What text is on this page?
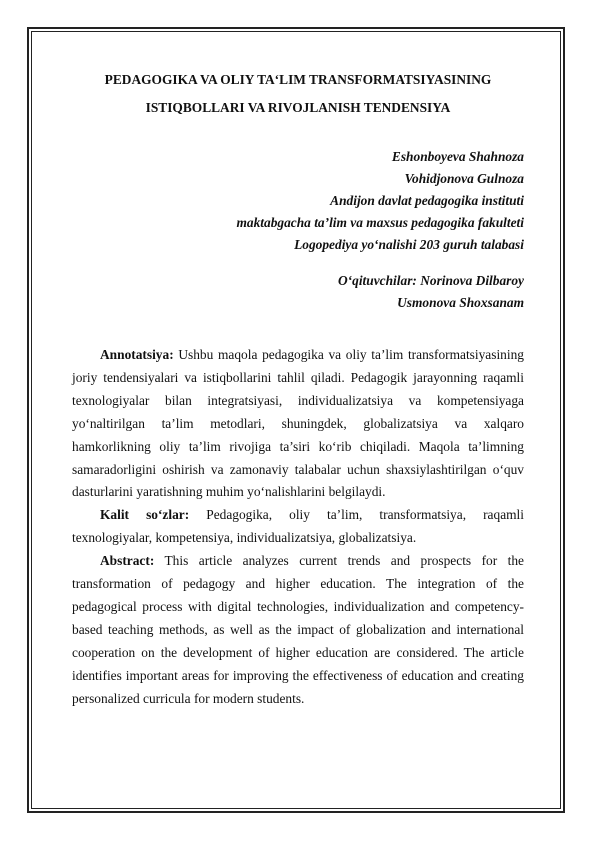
PEDAGOGIKA VA OLIY TA‘LIM TRANSFORMATSIYASINING
ISTIQBOLLARI VA RIVOJLANISH TENDENSIYA
Eshonboyeva Shahnoza
Vohidjonova Gulnoza
Andijon davlat pedagogika instituti
maktabgacha ta’lim va maxsus pedagogika fakulteti
Logopediya yo‘nalishi 203 guruh talabasi
O‘qituvchilar: Norinova Dilbaroy
Usmonova Shoxsanam

Annotatsiya: Ushbu maqola pedagogika va oliy ta’lim transformatsiyasining joriy tendensiyalari va istiqbollarini tahlil qiladi. Pedagogik jarayonning raqamli texnologiyalar bilan integratsiyasi, individualizatsiya va kompetensiyaga yo‘naltirilgan ta’lim metodlari, shuningdek, globalizatsiya va xalqaro hamkorlikning oliy ta’lim rivojiga ta’siri ko‘rib chiqiladi. Maqola ta’limning samaradorligini oshirish va zamonaviy talabalar uchun shaxsiylashtirilgan o‘quv dasturlarini yaratishning muhim yo‘nalishlarini belgilaydi.

Kalit so‘zlar: Pedagogika, oliy ta’lim, transformatsiya, raqamli texnologiyalar, kompetensiya, individualizatsiya, globalizatsiya.

Abstract: This article analyzes current trends and prospects for the transformation of pedagogy and higher education. The integration of the pedagogical process with digital technologies, individualization and competency-based teaching methods, as well as the impact of globalization and international cooperation on the development of higher education are considered. The article identifies important areas for improving the effectiveness of education and creating personalized curricula for modern students.
